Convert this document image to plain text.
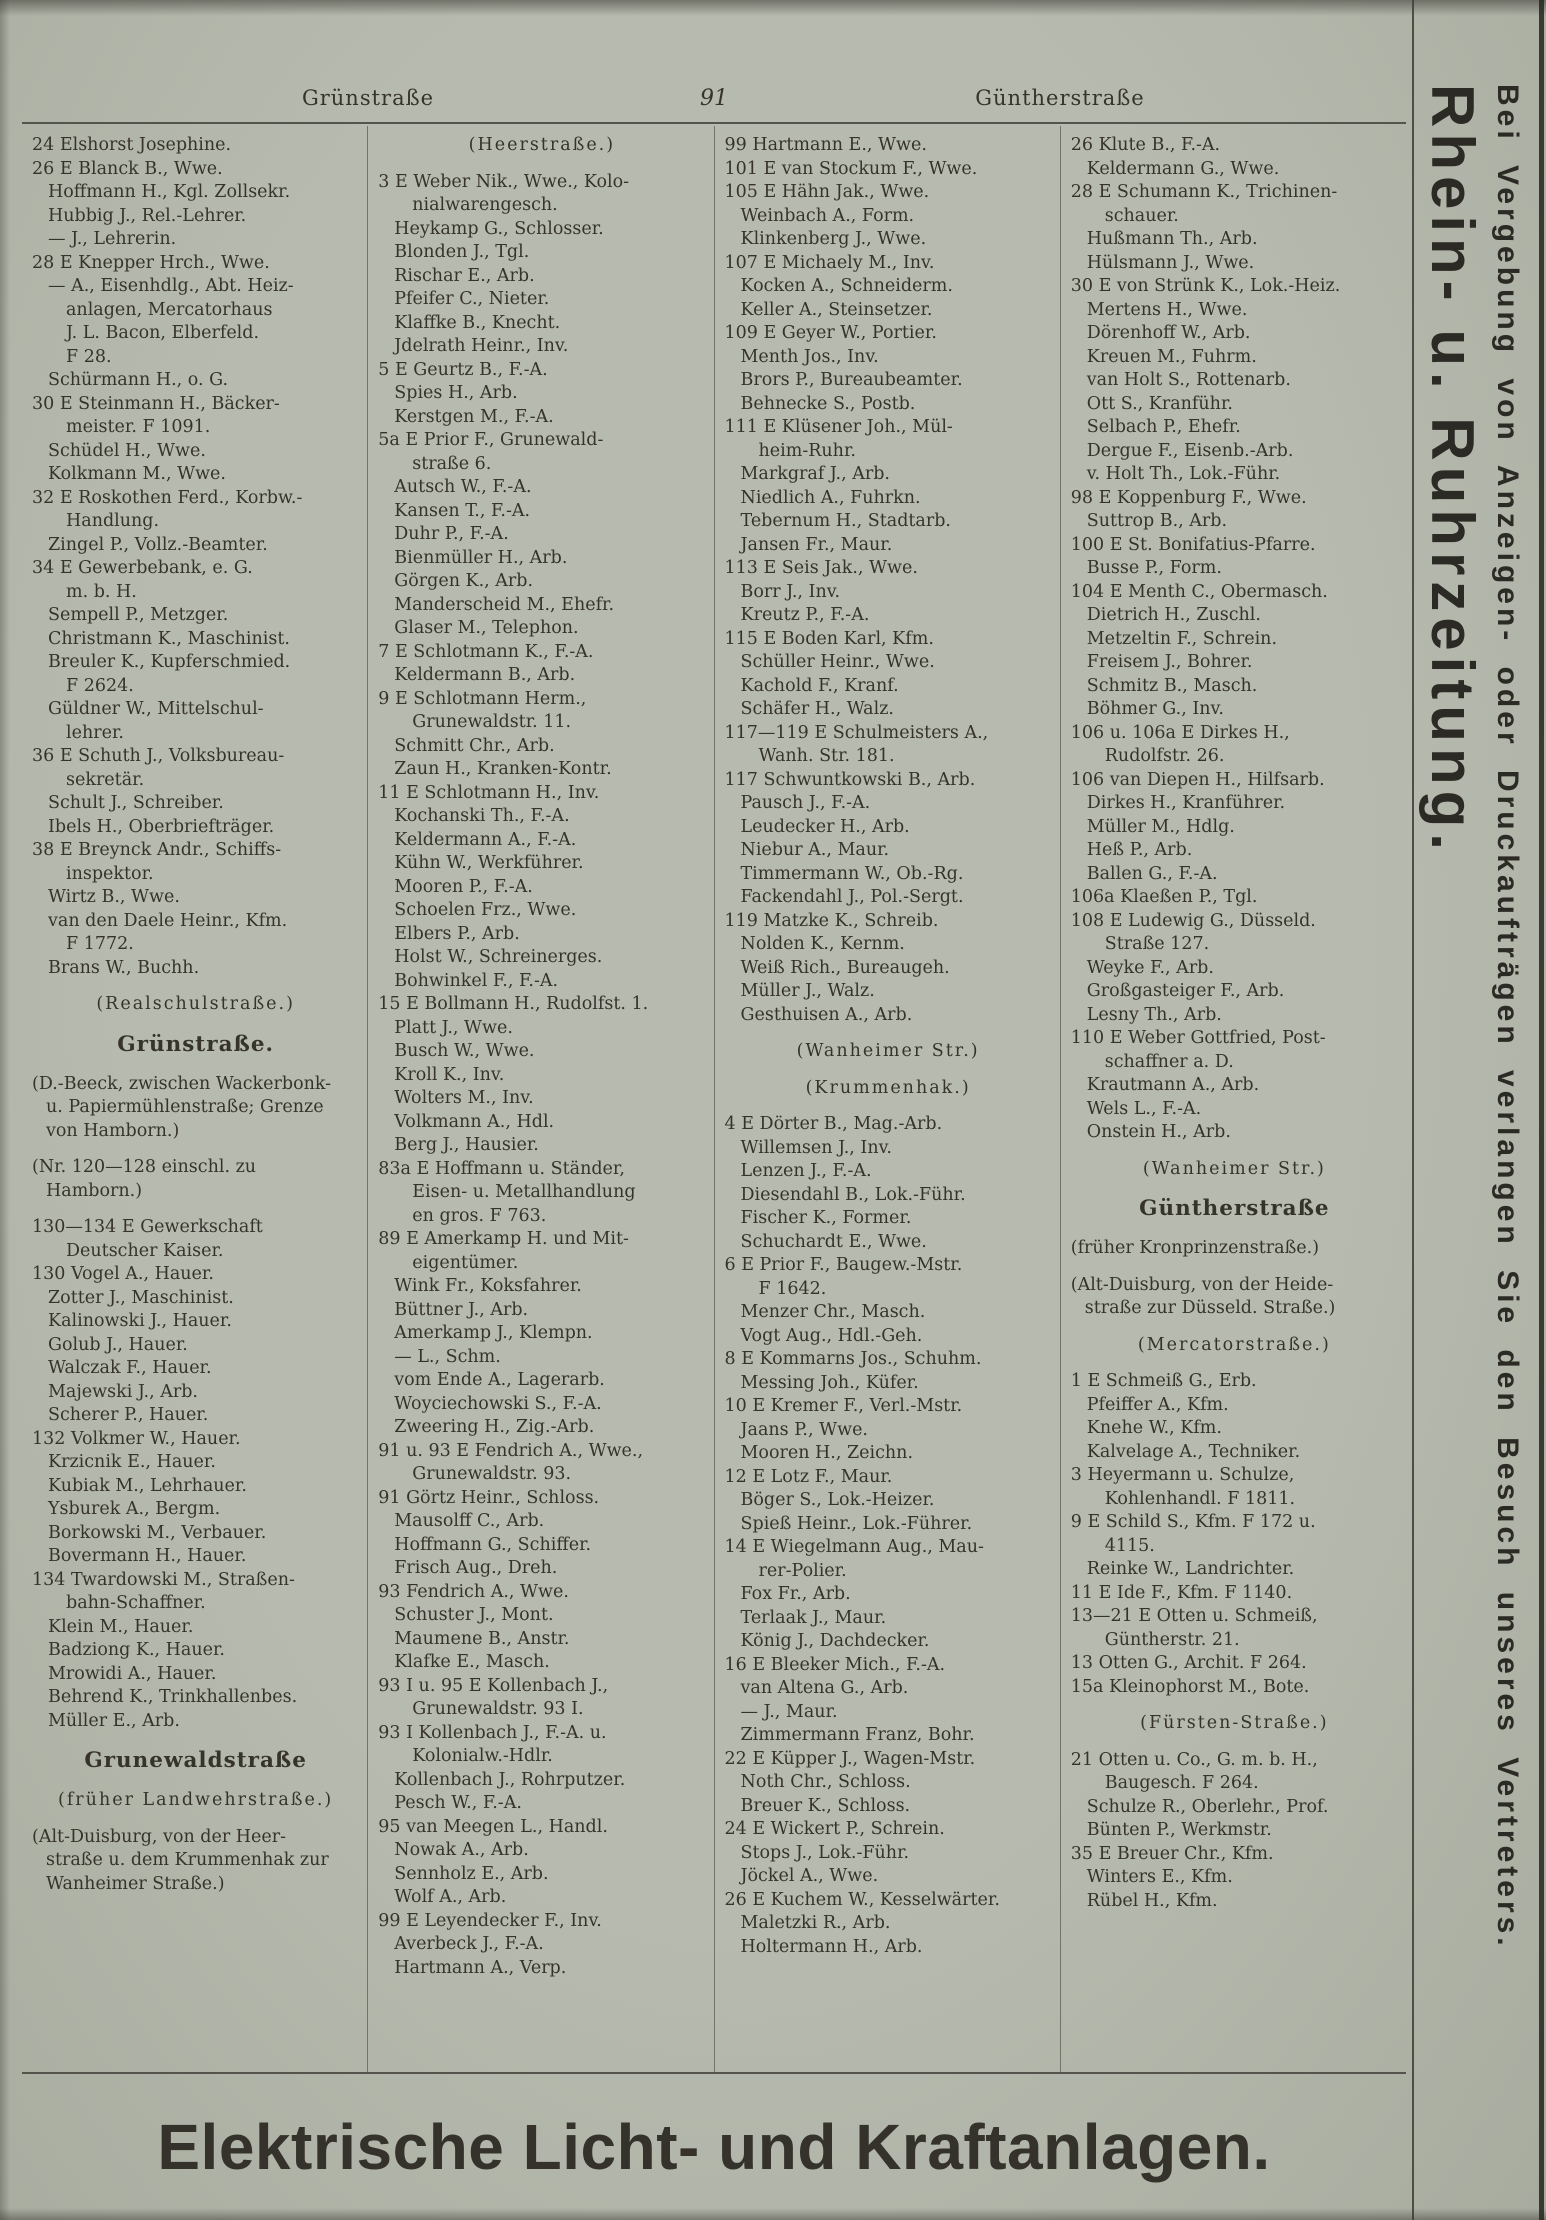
Grünstraße	91	Güntherstraße
24 Elshorst Josephine.
26 E Blanck B., Wwe.
Hoffmann H., Kgl. Zollsekr.
Hubbig J., Rel.-Lehrer.
— J., Lehrerin.
28 E Knepper Hrch., Wwe.
— A., Eisenhdlg., Abt. Heiz-
anlagen, Mercatorhaus
J. L. Bacon, Elberfeld.
F 28.
Schürmann H., o. G.
30 E Steinmann H., Bäcker-
meister. F 1091.
Schüdel H., Wwe.
Kolkmann M., Wwe.
32 E Roskothen Ferd., Korbw.-
Handlung.
Zingel P., Vollz.-Beamter.
34 E Gewerbebank, e. G.
m. b. H.
Sempell P., Metzger.
Christmann K., Maschinist.
Breuler K., Kupferschmied.
F 2624.
Güldner W., Mittelschul-
lehrer.
36 E Schuth J., Volksbureau-
sekretär.
Schult J., Schreiber.
Ibels H., Oberbriefträger.
38 E Breynck Andr., Schiffs-
inspektor.
Wirtz B., Wwe.
van den Daele Heinr., Kfm.
F 1772.
Brans W., Buchh.
(Realschulstraße.)
Grünstraße.
(D.-Beeck, zwischen Wackerbonk-
u. Papiermühlenstraße; Grenze
von Hamborn.)
(Nr. 120—128 einschl. zu
Hamborn.)
130—134 E Gewerkschaft
Deutscher Kaiser.
130 Vogel A., Hauer.
Zotter J., Maschinist.
Kalinowski J., Hauer.
Golub J., Hauer.
Walczak F., Hauer.
Majewski J., Arb.
Scherer P., Hauer.
132 Volkmer W., Hauer.
Krzicnik E., Hauer.
Kubiak M., Lehrhauer.
Ysburek A., Bergm.
Borkowski M., Verbauer.
Bovermann H., Hauer.
134 Twardowski M., Straßen-
bahn-Schaffner.
Klein M., Hauer.
Badziong K., Hauer.
Mrowidi A., Hauer.
Behrend K., Trinkhallenbes.
Müller E., Arb.
Grunewaldstraße
(früher Landwehrstraße.)
(Alt-Duisburg, von der Heer-
straße u. dem Krummenhak zur
Wanheimer Straße.)
(Heerstraße.)
3 E Weber Nik., Wwe., Kolo-
nialwarengesch.
Heykamp G., Schlosser.
Blonden J., Tgl.
Rischar E., Arb.
Pfeifer C., Nieter.
Klaffke B., Knecht.
Jdelrath Heinr., Inv.
5 E Geurtz B., F.-A.
Spies H., Arb.
Kerstgen M., F.-A.
5a E Prior F., Grunewald-
straße 6.
Autsch W., F.-A.
Kansen T., F.-A.
Duhr P., F.-A.
Bienmüller H., Arb.
Görgen K., Arb.
Manderscheid M., Ehefr.
Glaser M., Telephon.
7 E Schlotmann K., F.-A.
Keldermann B., Arb.
9 E Schlotmann Herm.,
Grunewaldstr. 11.
Schmitt Chr., Arb.
Zaun H., Kranken-Kontr.
11 E Schlotmann H., Inv.
Kochanski Th., F.-A.
Keldermann A., F.-A.
Kühn W., Werkführer.
Mooren P., F.-A.
Schoelen Frz., Wwe.
Elbers P., Arb.
Holst W., Schreinerges.
Bohwinkel F., F.-A.
15 E Bollmann H., Rudolfst. 1.
Platt J., Wwe.
Busch W., Wwe.
Kroll K., Inv.
Wolters M., Inv.
Volkmann A., Hdl.
Berg J., Hausier.
83a E Hoffmann u. Ständer,
Eisen- u. Metallhandlung
en gros. F 763.
89 E Amerkamp H. und Mit-
eigentümer.
Wink Fr., Koksfahrer.
Büttner J., Arb.
Amerkamp J., Klempn.
— L., Schm.
vom Ende A., Lagerarb.
Woyciechowski S., F.-A.
Zweering H., Zig.-Arb.
91 u. 93 E Fendrich A., Wwe.,
Grunewaldstr. 93.
91 Görtz Heinr., Schloss.
Mausolff C., Arb.
Hoffmann G., Schiffer.
Frisch Aug., Dreh.
93 Fendrich A., Wwe.
Schuster J., Mont.
Maumene B., Anstr.
Klafke E., Masch.
93 I u. 95 E Kollenbach J.,
Grunewaldstr. 93 I.
93 I Kollenbach J., F.-A. u.
Kolonialw.-Hdlr.
Kollenbach J., Rohrputzer.
Pesch W., F.-A.
95 van Meegen L., Handl.
Nowak A., Arb.
Sennholz E., Arb.
Wolf A., Arb.
99 E Leyendecker F., Inv.
Averbeck J., F.-A.
Hartmann A., Verp.
99 Hartmann E., Wwe.
101 E van Stockum F., Wwe.
105 E Hähn Jak., Wwe.
Weinbach A., Form.
Klinkenberg J., Wwe.
107 E Michaely M., Inv.
Kocken A., Schneiderm.
Keller A., Steinsetzer.
109 E Geyer W., Portier.
Menth Jos., Inv.
Brors P., Bureaubeamter.
Behnecke S., Postb.
111 E Klüsener Joh., Mül-
heim-Ruhr.
Markgraf J., Arb.
Niedlich A., Fuhrkn.
Tebernum H., Stadtarb.
Jansen Fr., Maur.
113 E Seis Jak., Wwe.
Borr J., Inv.
Kreutz P., F.-A.
115 E Boden Karl, Kfm.
Schüller Heinr., Wwe.
Kachold F., Kranf.
Schäfer H., Walz.
117—119 E Schulmeisters A.,
Wanh. Str. 181.
117 Schwuntkowski B., Arb.
Pausch J., F.-A.
Leudecker H., Arb.
Niebur A., Maur.
Timmermann W., Ob.-Rg.
Fackendahl J., Pol.-Sergt.
119 Matzke K., Schreib.
Nolden K., Kernm.
Weiß Rich., Bureaugeh.
Müller J., Walz.
Gesthuisen A., Arb.
(Wanheimer Str.)
(Krummenhak.)
4 E Dörter B., Mag.-Arb.
Willemsen J., Inv.
Lenzen J., F.-A.
Diesendahl B., Lok.-Führ.
Fischer K., Former.
Schuchardt E., Wwe.
6 E Prior F., Baugew.-Mstr.
F 1642.
Menzer Chr., Masch.
Vogt Aug., Hdl.-Geh.
8 E Kommarns Jos., Schuhm.
Messing Joh., Küfer.
10 E Kremer F., Verl.-Mstr.
Jaans P., Wwe.
Mooren H., Zeichn.
12 E Lotz F., Maur.
Böger S., Lok.-Heizer.
Spieß Heinr., Lok.-Führer.
14 E Wiegelmann Aug., Mau-
rer-Polier.
Fox Fr., Arb.
Terlaak J., Maur.
König J., Dachdecker.
16 E Bleeker Mich., F.-A.
van Altena G., Arb.
— J., Maur.
Zimmermann Franz, Bohr.
22 E Küpper J., Wagen-Mstr.
Noth Chr., Schloss.
Breuer K., Schloss.
24 E Wickert P., Schrein.
Stops J., Lok.-Führ.
Jöckel A., Wwe.
26 E Kuchem W., Kesselwärter.
Maletzki R., Arb.
Holtermann H., Arb.
26 Klute B., F.-A.
Keldermann G., Wwe.
28 E Schumann K., Trichinen-
schauer.
Hußmann Th., Arb.
Hülsmann J., Wwe.
30 E von Strünk K., Lok.-Heiz.
Mertens H., Wwe.
Dörenhoff W., Arb.
Kreuen M., Fuhrm.
van Holt S., Rottenarb.
Ott S., Kranführ.
Selbach P., Ehefr.
Dergue F., Eisenb.-Arb.
v. Holt Th., Lok.-Führ.
98 E Koppenburg F., Wwe.
Suttrop B., Arb.
100 E St. Bonifatius-Pfarre.
Busse P., Form.
104 E Menth C., Obermasch.
Dietrich H., Zuschl.
Metzeltin F., Schrein.
Freisem J., Bohrer.
Schmitz B., Masch.
Böhmer G., Inv.
106 u. 106a E Dirkes H.,
Rudolfstr. 26.
106 van Diepen H., Hilfsarb.
Dirkes H., Kranführer.
Müller M., Hdlg.
Heß P., Arb.
Ballen G., F.-A.
106a Klaeßen P., Tgl.
108 E Ludewig G., Düsseld.
Straße 127.
Weyke F., Arb.
Großgasteiger F., Arb.
Lesny Th., Arb.
110 E Weber Gottfried, Post-
schaffner a. D.
Krautmann A., Arb.
Wels L., F.-A.
Onstein H., Arb.
(Wanheimer Str.)
Güntherstraße
(früher Kronprinzenstraße.)
(Alt-Duisburg, von der Heide-
straße zur Düsseld. Straße.)
(Mercatorstraße.)
1 E Schmeiß G., Erb.
Pfeiffer A., Kfm.
Knehe W., Kfm.
Kalvelage A., Techniker.
3 Heyermann u. Schulze,
Kohlenhandl. F 1811.
9 E Schild S., Kfm. F 172 u.
4115.
Reinke W., Landrichter.
11 E Ide F., Kfm. F 1140.
13—21 E Otten u. Schmeiß,
Güntherstr. 21.
13 Otten G., Archit. F 264.
15a Kleinophorst M., Bote.
(Fürsten-Straße.)
21 Otten u. Co., G. m. b. H.,
Baugesch. F 264.
Schulze R., Oberlehr., Prof.
Bünten P., Werkmstr.
35 E Breuer Chr., Kfm.
Winters E., Kfm.
Rübel H., Kfm.
Elektrische Licht- und Kraftanlagen.
Rhein- u. Ruhrzeitung. Bei Vergebung von Anzeigen- oder Druckaufträgen verlangen Sie den Besuch unseres Vertreters.
